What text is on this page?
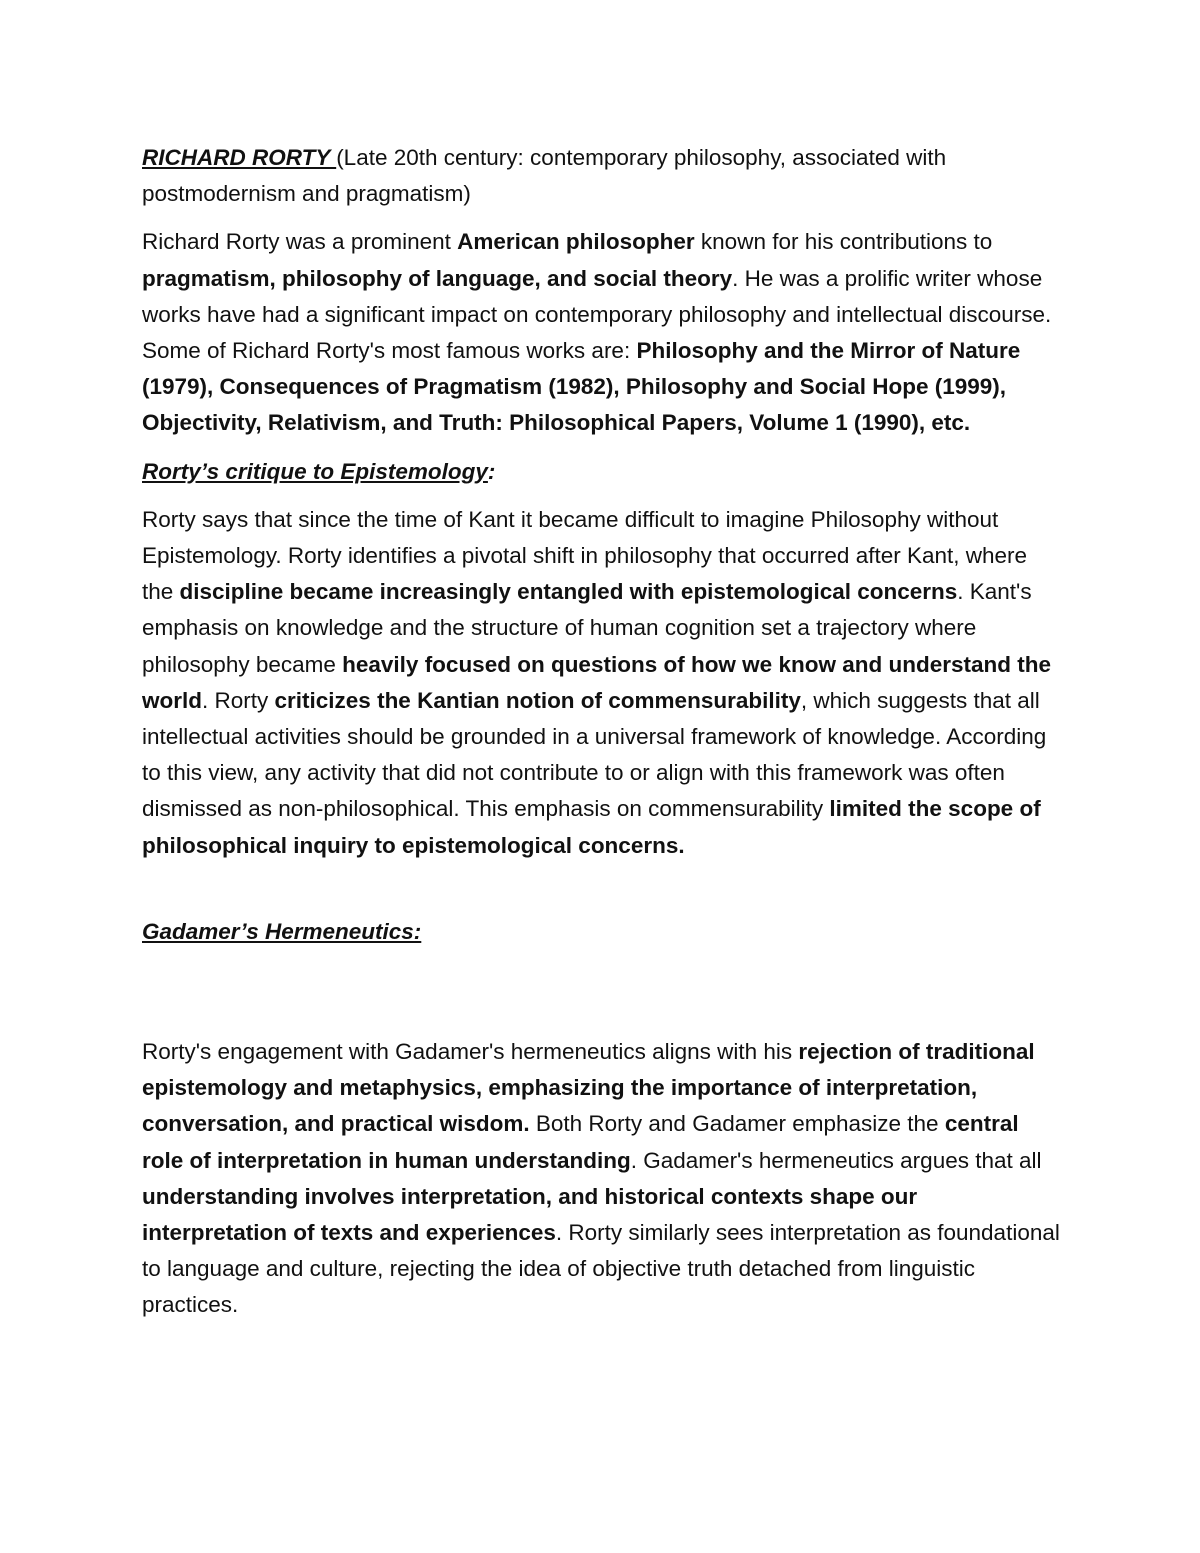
RICHARD RORTY (Late 20th century: contemporary philosophy, associated with postmodernism and pragmatism)

Richard Rorty was a prominent American philosopher known for his contributions to pragmatism, philosophy of language, and social theory. He was a prolific writer whose works have had a significant impact on contemporary philosophy and intellectual discourse. Some of Richard Rorty's most famous works are: Philosophy and the Mirror of Nature (1979), Consequences of Pragmatism (1982), Philosophy and Social Hope (1999), Objectivity, Relativism, and Truth: Philosophical Papers, Volume 1 (1990), etc.

Rorty’s critique to Epistemology:

Rorty says that since the time of Kant it became difficult to imagine Philosophy without Epistemology. Rorty identifies a pivotal shift in philosophy that occurred after Kant, where the discipline became increasingly entangled with epistemological concerns. Kant's emphasis on knowledge and the structure of human cognition set a trajectory where philosophy became heavily focused on questions of how we know and understand the world. Rorty criticizes the Kantian notion of commensurability, which suggests that all intellectual activities should be grounded in a universal framework of knowledge. According to this view, any activity that did not contribute to or align with this framework was often dismissed as non-philosophical. This emphasis on commensurability limited the scope of philosophical inquiry to epistemological concerns.

Gadamer’s Hermeneutics:

Rorty's engagement with Gadamer's hermeneutics aligns with his rejection of traditional epistemology and metaphysics, emphasizing the importance of interpretation, conversation, and practical wisdom. Both Rorty and Gadamer emphasize the central role of interpretation in human understanding. Gadamer's hermeneutics argues that all understanding involves interpretation, and historical contexts shape our interpretation of texts and experiences. Rorty similarly sees interpretation as foundational to language and culture, rejecting the idea of objective truth detached from linguistic practices.
